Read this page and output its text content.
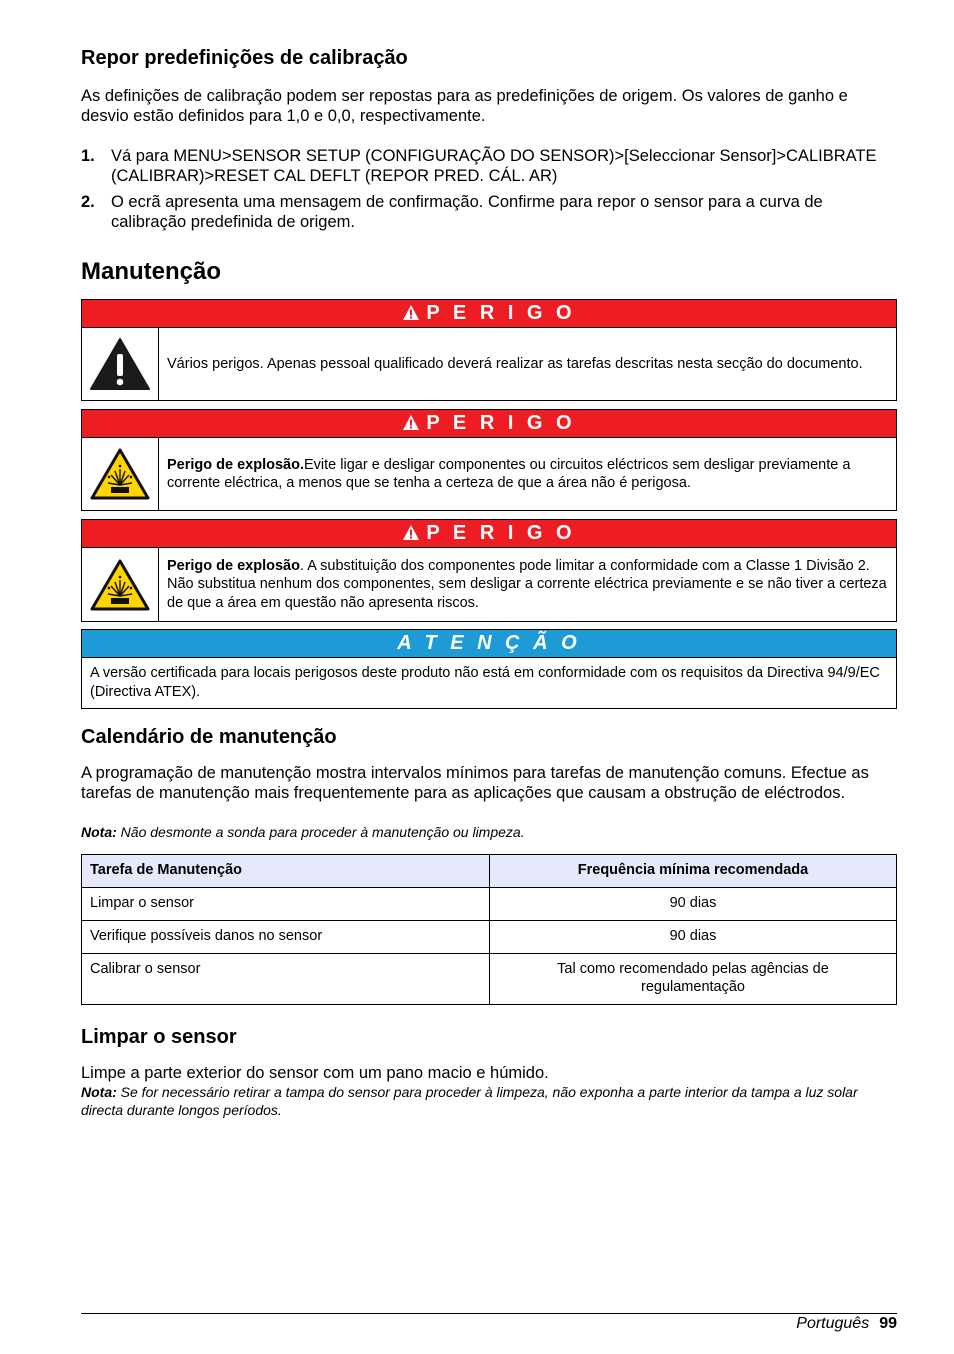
Repor predefinições de calibração

As definições de calibração podem ser repostas para as predefinições de origem. Os valores de ganho e desvio estão definidos para 1,0 e 0,0, respectivamente.

1. Vá para MENU>SENSOR SETUP (CONFIGURAÇÃO DO SENSOR)>[Seleccionar Sensor]>CALIBRATE (CALIBRAR)>RESET CAL DEFLT (REPOR PRED. CÁL. AR)
2. O ecrã apresenta uma mensagem de confirmação. Confirme para repor o sensor para a curva de calibração predefinida de origem.
Manutenção
P E R I G O
Vários perigos. Apenas pessoal qualificado deverá realizar as tarefas descritas nesta secção do documento.
P E R I G O
Perigo de explosão.Evite ligar e desligar componentes ou circuitos eléctricos sem desligar previamente a corrente eléctrica, a menos que se tenha a certeza de que a área não é perigosa.
P E R I G O
Perigo de explosão. A substituição dos componentes pode limitar a conformidade com a Classe 1 Divisão 2. Não substitua nenhum dos componentes, sem desligar a corrente eléctrica previamente e se não tiver a certeza de que a área em questão não apresenta riscos.
A T E N Ç Ã O
A versão certificada para locais perigosos deste produto não está em conformidade com os requisitos da Directiva 94/9/EC (Directiva ATEX).
Calendário de manutenção

A programação de manutenção mostra intervalos mínimos para tarefas de manutenção comuns. Efectue as tarefas de manutenção mais frequentemente para as aplicações que causam a obstrução de eléctrodos.

Nota: Não desmonte a sonda para proceder à manutenção ou limpeza.

Tarefa de Manutenção	Frequência mínima recomendada
Limpar o sensor	90 dias
Verifique possíveis danos no sensor	90 dias
Calibrar o sensor	Tal como recomendado pelas agências de regulamentação
Limpar o sensor

Limpe a parte exterior do sensor com um pano macio e húmido.

Nota: Se for necessário retirar a tampa do sensor para proceder à limpeza, não exponha a parte interior da tampa a luz solar directa durante longos períodos.

Português 99
